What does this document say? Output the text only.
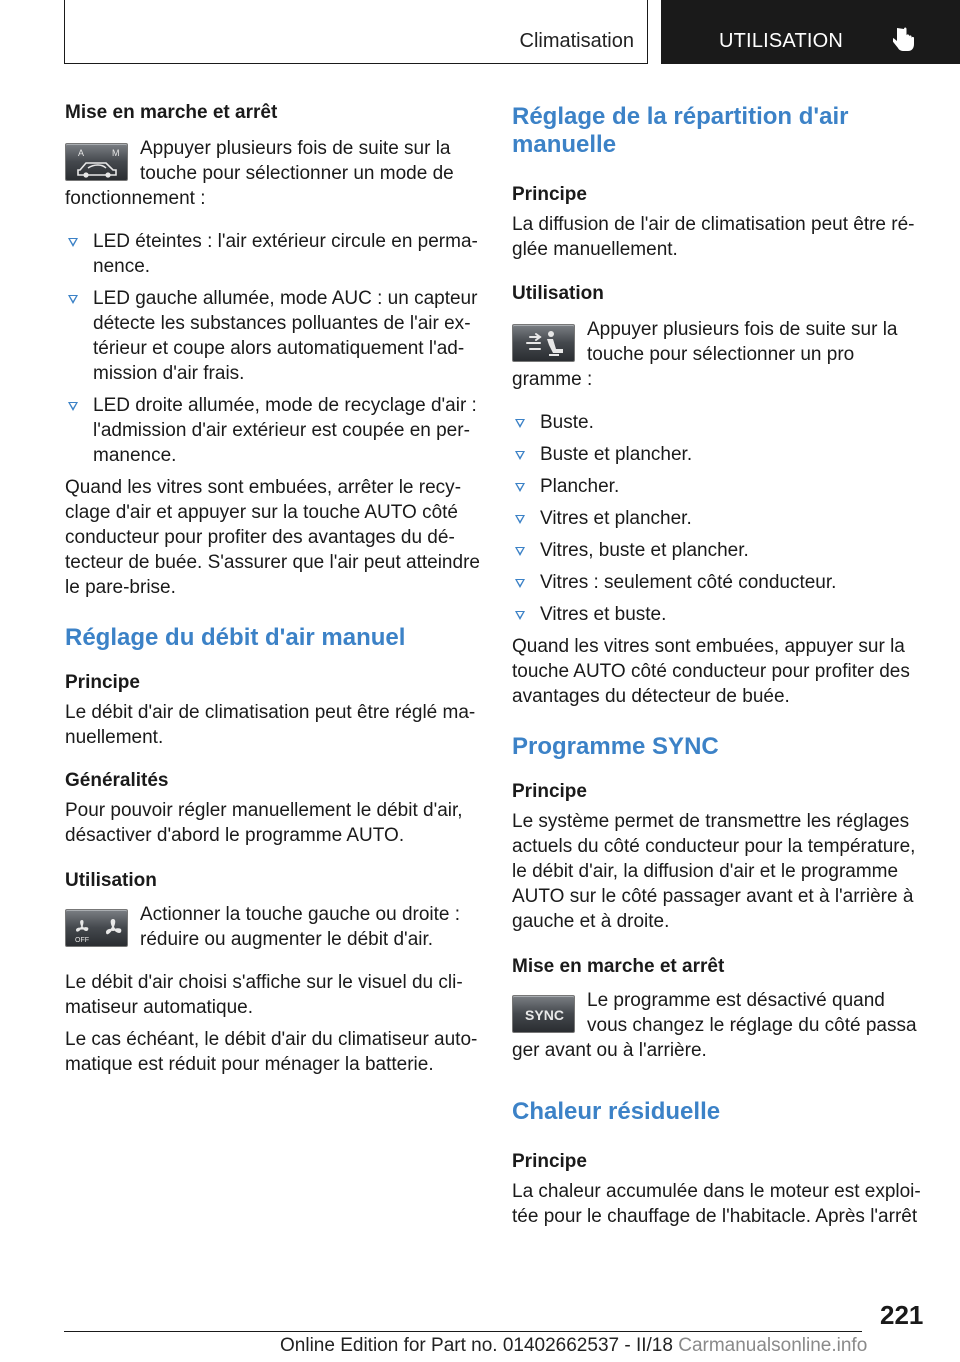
Climatisation	UTILISATION
Mise en marche et arrêt
A	M Appuyer plusieurs fois de suite sur la touche pour sélectionner un mode de

fonctionnement :

LED éteintes : l'air extérieur circule en permanence.
LED gauche allumée, mode AUC : un capteur détecte les substances polluantes de l'air extérieur et coupe alors automatiquement l'admission d'air frais.
LED droite allumée, mode de recyclage d'air : l'admission d'air extérieur est coupée en permanence.

Quand les vitres sont embuées, arrêter le recyclage d'air et appuyer sur la touche AUTO côté conducteur pour profiter des avantages du détecteur de buée. S'assurer que l'air peut atteindre le pare-brise.

Réglage du débit d'air manuel
Principe

Le débit d'air de climatisation peut être réglé manuellement.

Généralités

Pour pouvoir régler manuellement le débit d'air, désactiver d'abord le programme AUTO.

Utilisation
OFF

Actionner la touche gauche ou droite : réduire ou augmenter le débit d'air.

Le débit d'air choisi s'affiche sur le visuel du climatiseur automatique.

Le cas échéant, le débit d'air du climatiseur automatique est réduit pour ménager la batterie.

Réglage de la répartition d'air manuelle
Principe

La diffusion de l'air de climatisation peut être réglée manuellement.

Utilisation

Appuyer plusieurs fois de suite sur la touche pour sélectionner un pro

gramme :

Buste.
Buste et plancher.
Plancher.
Vitres et plancher.
Vitres, buste et plancher.
Vitres : seulement côté conducteur.
Vitres et buste.

Quand les vitres sont embuées, appuyer sur la touche AUTO côté conducteur pour profiter des avantages du détecteur de buée.

Programme SYNC
Principe

Le système permet de transmettre les réglages actuels du côté conducteur pour la température, le débit d'air, la diffusion d'air et le programme AUTO sur le côté passager avant et à l'arrière à gauche et à droite.

Mise en marche et arrêt
SYNC

Le programme est désactivé quand vous changez le réglage du côté passa

ger avant ou à l'arrière.

Chaleur résiduelle
Principe

La chaleur accumulée dans le moteur est exploitée pour le chauffage de l'habitacle. Après l'arrêt

221
Online Edition for Part no. 01402662537 - II/18 Carmanualsonline.info
